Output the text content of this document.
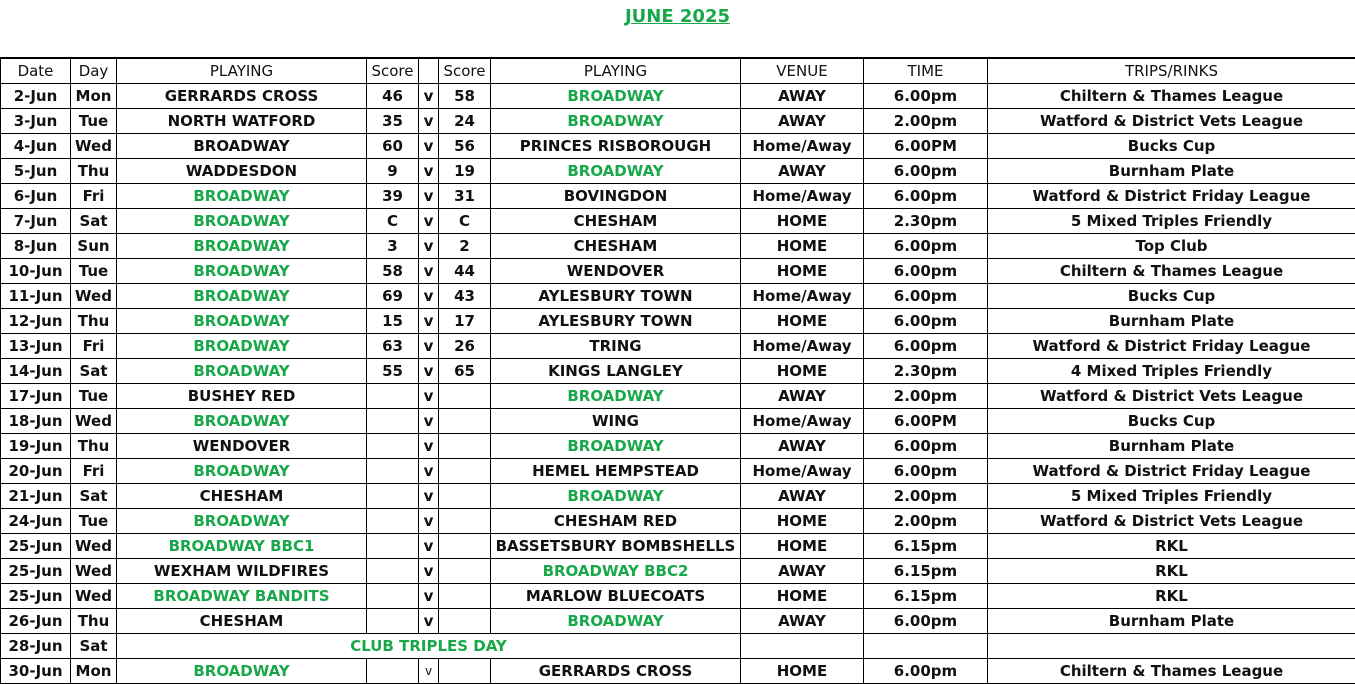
JUNE 2025
Date	Day	PLAYING	Score		Score	PLAYING	VENUE	TIME	TRIPS/RINKS
2-Jun	Mon	GERRARDS CROSS	46	v	58	BROADWAY	AWAY	6.00pm	Chiltern & Thames League
3-Jun	Tue	NORTH WATFORD	35	v	24	BROADWAY	AWAY	2.00pm	Watford & District Vets League
4-Jun	Wed	BROADWAY	60	v	56	PRINCES RISBOROUGH	Home/Away	6.00PM	Bucks Cup
5-Jun	Thu	WADDESDON	9	v	19	BROADWAY	AWAY	6.00pm	Burnham Plate
6-Jun	Fri	BROADWAY	39	v	31	BOVINGDON	Home/Away	6.00pm	Watford & District Friday League
7-Jun	Sat	BROADWAY	C	v	C	CHESHAM	HOME	2.30pm	5 Mixed Triples Friendly
8-Jun	Sun	BROADWAY	3	v	2	CHESHAM	HOME	6.00pm	Top Club
10-Jun	Tue	BROADWAY	58	v	44	WENDOVER	HOME	6.00pm	Chiltern & Thames League
11-Jun	Wed	BROADWAY	69	v	43	AYLESBURY TOWN	Home/Away	6.00pm	Bucks Cup
12-Jun	Thu	BROADWAY	15	v	17	AYLESBURY TOWN	HOME	6.00pm	Burnham Plate
13-Jun	Fri	BROADWAY	63	v	26	TRING	Home/Away	6.00pm	Watford & District Friday League
14-Jun	Sat	BROADWAY	55	v	65	KINGS LANGLEY	HOME	2.30pm	4 Mixed Triples Friendly
17-Jun	Tue	BUSHEY RED		v		BROADWAY	AWAY	2.00pm	Watford & District Vets League
18-Jun	Wed	BROADWAY		v		WING	Home/Away	6.00PM	Bucks Cup
19-Jun	Thu	WENDOVER		v		BROADWAY	AWAY	6.00pm	Burnham Plate
20-Jun	Fri	BROADWAY		v		HEMEL HEMPSTEAD	Home/Away	6.00pm	Watford & District Friday League
21-Jun	Sat	CHESHAM		v		BROADWAY	AWAY	2.00pm	5 Mixed Triples Friendly
24-Jun	Tue	BROADWAY		v		CHESHAM RED	HOME	2.00pm	Watford & District Vets League
25-Jun	Wed	BROADWAY BBC1		v		BASSETSBURY BOMBSHELLS	HOME	6.15pm	RKL
25-Jun	Wed	WEXHAM WILDFIRES		v		BROADWAY BBC2	AWAY	6.15pm	RKL
25-Jun	Wed	BROADWAY BANDITS		v		MARLOW BLUECOATS	HOME	6.15pm	RKL
26-Jun	Thu	CHESHAM		v		BROADWAY	AWAY	6.00pm	Burnham Plate
28-Jun	Sat	CLUB TRIPLES DAY							
30-Jun	Mon	BROADWAY		v		GERRARDS CROSS	HOME	6.00pm	Chiltern & Thames League
